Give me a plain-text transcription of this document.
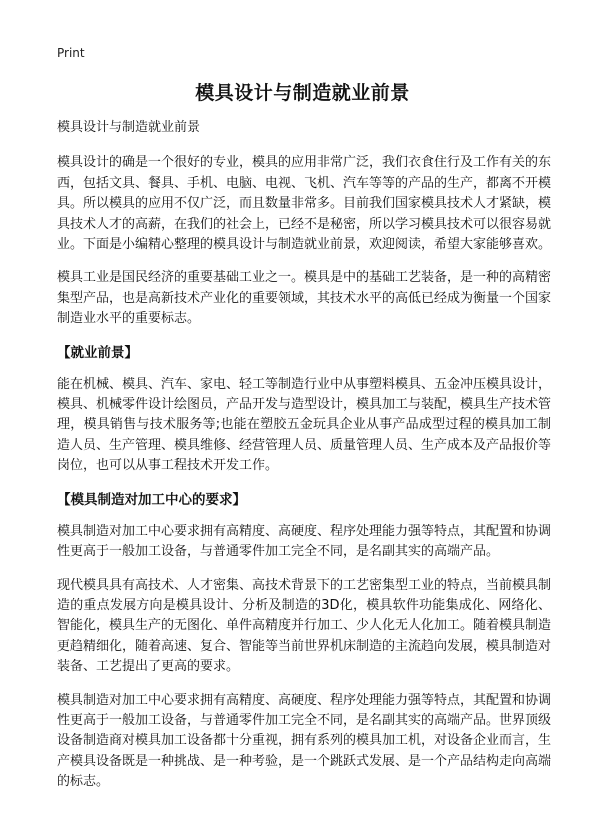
Print
模具设计与制造就业前景

模具设计与制造就业前景

模具设计的确是一个很好的专业，模具的应用非常广泛，我们衣食住行及工作有关的东西，包括文具、餐具、手机、电脑、电视、飞机、汽车等等的产品的生产，都离不开模具。所以模具的应用不仅广泛，而且数量非常多。目前我们国家模具技术人才紧缺，模具技术人才的高薪，在我们的社会上，已经不是秘密，所以学习模具技术可以很容易就业。下面是小编精心整理的模具设计与制造就业前景，欢迎阅读，希望大家能够喜欢。

模具工业是国民经济的重要基础工业之一。模具是中的基础工艺装备，是一种的高精密集型产品，也是高新技术产业化的重要领域，其技术水平的高低已经成为衡量一个国家制造业水平的重要标志。

【就业前景】

能在机械、模具、汽车、家电、轻工等制造行业中从事塑料模具、五金冲压模具设计，模具、机械零件设计绘图员，产品开发与造型设计，模具加工与装配，模具生产技术管理，模具销售与技术服务等;也能在塑胶五金玩具企业从事产品成型过程的模具加工制造人员、生产管理、模具维修、经营管理人员、质量管理人员、生产成本及产品报价等岗位，也可以从事工程技术开发工作。

【模具制造对加工中心的要求】

模具制造对加工中心要求拥有高精度、高硬度、程序处理能力强等特点，其配置和协调性更高于一般加工设备，与普通零件加工完全不同，是名副其实的高端产品。

现代模具具有高技术、人才密集、高技术背景下的工艺密集型工业的特点，当前模具制造的重点发展方向是模具设计、分析及制造的3D化，模具软件功能集成化、网络化、智能化，模具生产的无图化、单件高精度并行加工、少人化无人化加工。随着模具制造更趋精细化，随着高速、复合、智能等当前世界机床制造的主流趋向发展，模具制造对装备、工艺提出了更高的要求。

模具制造对加工中心要求拥有高精度、高硬度、程序处理能力强等特点，其配置和协调性更高于一般加工设备，与普通零件加工完全不同，是名副其实的高端产品。世界顶级设备制造商对模具加工设备都十分重视，拥有系列的模具加工机，对设备企业而言，生产模具设备既是一种挑战、是一种考验，是一个跳跃式发展、是一个产品结构走向高端的标志。
